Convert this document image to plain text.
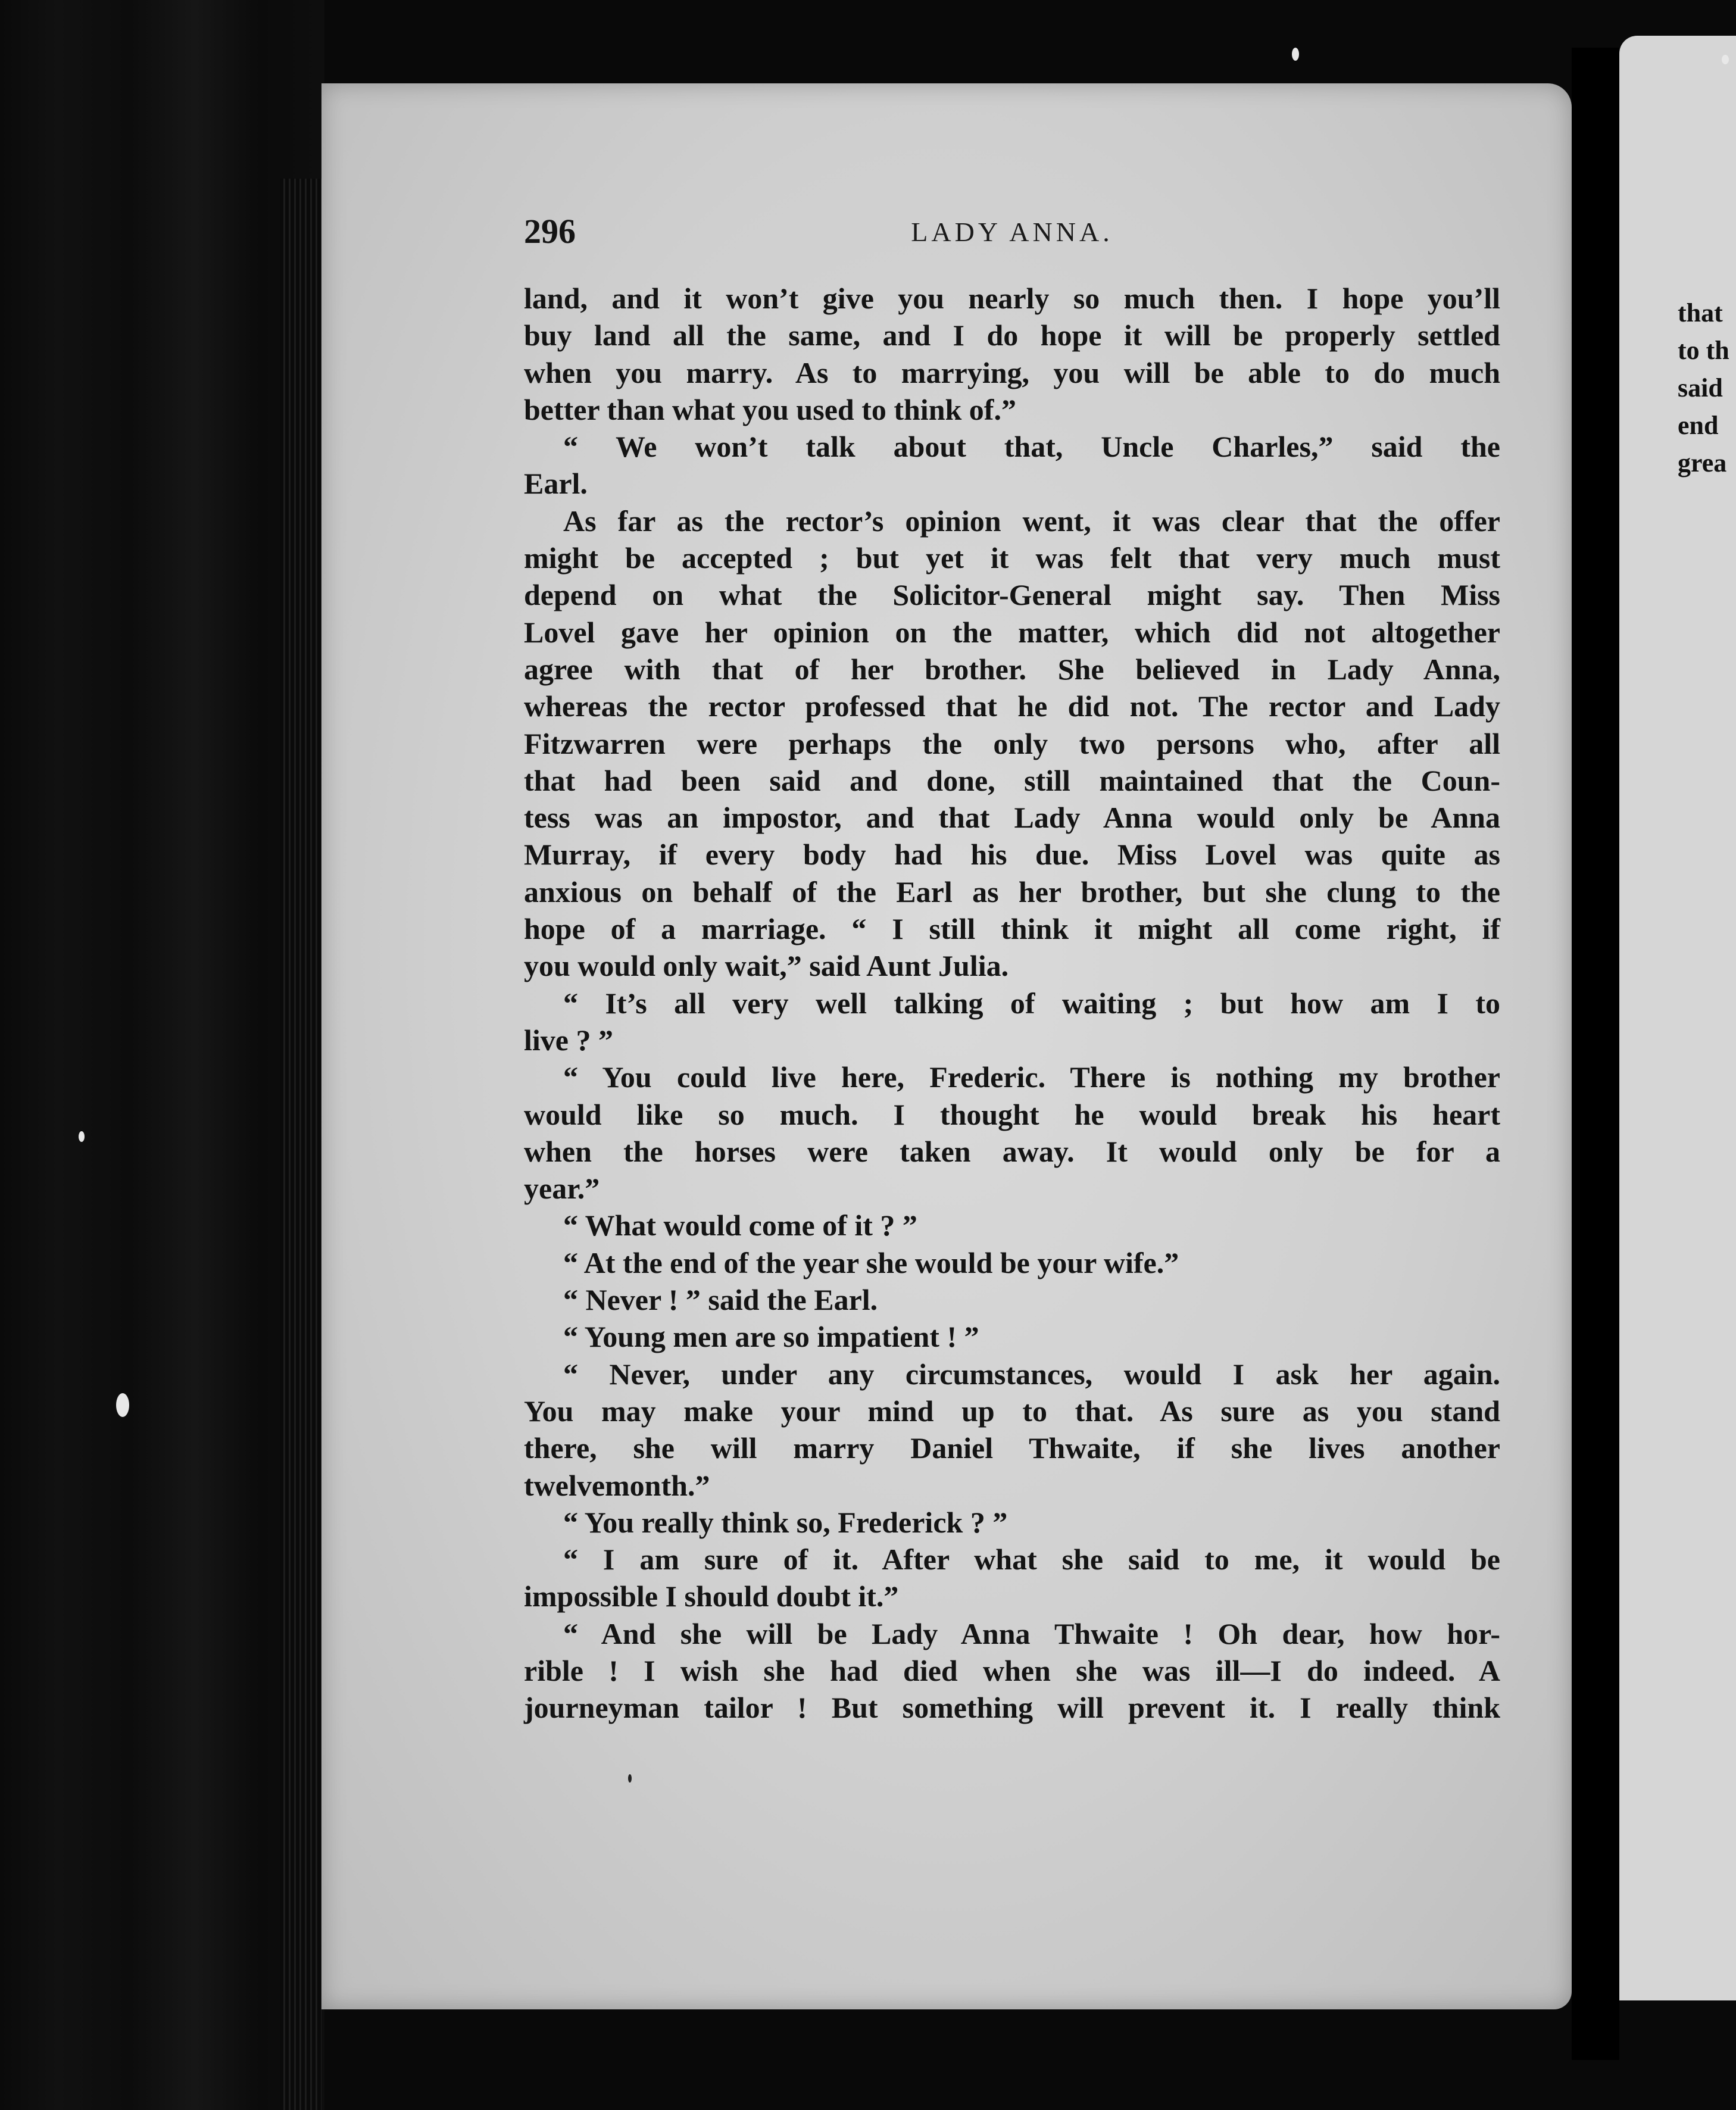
that
to th
said
end
grea
296	LADY ANNA.
land, and it won’t give you nearly so much then. I hope you’ll
buy land all the same, and I do hope it will be properly settled
when you marry. As to marrying, you will be able to do much
better than what you used to think of.”
“ We won’t talk about that, Uncle Charles,” said the
Earl.
As far as the rector’s opinion went, it was clear that the offer
might be accepted ; but yet it was felt that very much must
depend on what the Solicitor-General might say. Then Miss
Lovel gave her opinion on the matter, which did not altogether
agree with that of her brother. She believed in Lady Anna,
whereas the rector professed that he did not. The rector and Lady
Fitzwarren were perhaps the only two persons who, after all
that had been said and done, still maintained that the Coun-
tess was an impostor, and that Lady Anna would only be Anna
Murray, if every body had his due. Miss Lovel was quite as
anxious on behalf of the Earl as her brother, but she clung to the
hope of a marriage. “ I still think it might all come right, if
you would only wait,” said Aunt Julia.
“ It’s all very well talking of waiting ; but how am I to
live ? ”
“ You could live here, Frederic. There is nothing my brother
would like so much. I thought he would break his heart
when the horses were taken away. It would only be for a
year.”
“ What would come of it ? ”
“ At the end of the year she would be your wife.”
“ Never ! ” said the Earl.
“ Young men are so impatient ! ”
“ Never, under any circumstances, would I ask her again.
You may make your mind up to that. As sure as you stand
there, she will marry Daniel Thwaite, if she lives another
twelvemonth.”
“ You really think so, Frederick ? ”
“ I am sure of it. After what she said to me, it would be
impossible I should doubt it.”
“ And she will be Lady Anna Thwaite ! Oh dear, how hor-
rible ! I wish she had died when she was ill—I do indeed. A
journeyman tailor ! But something will prevent it. I really think
